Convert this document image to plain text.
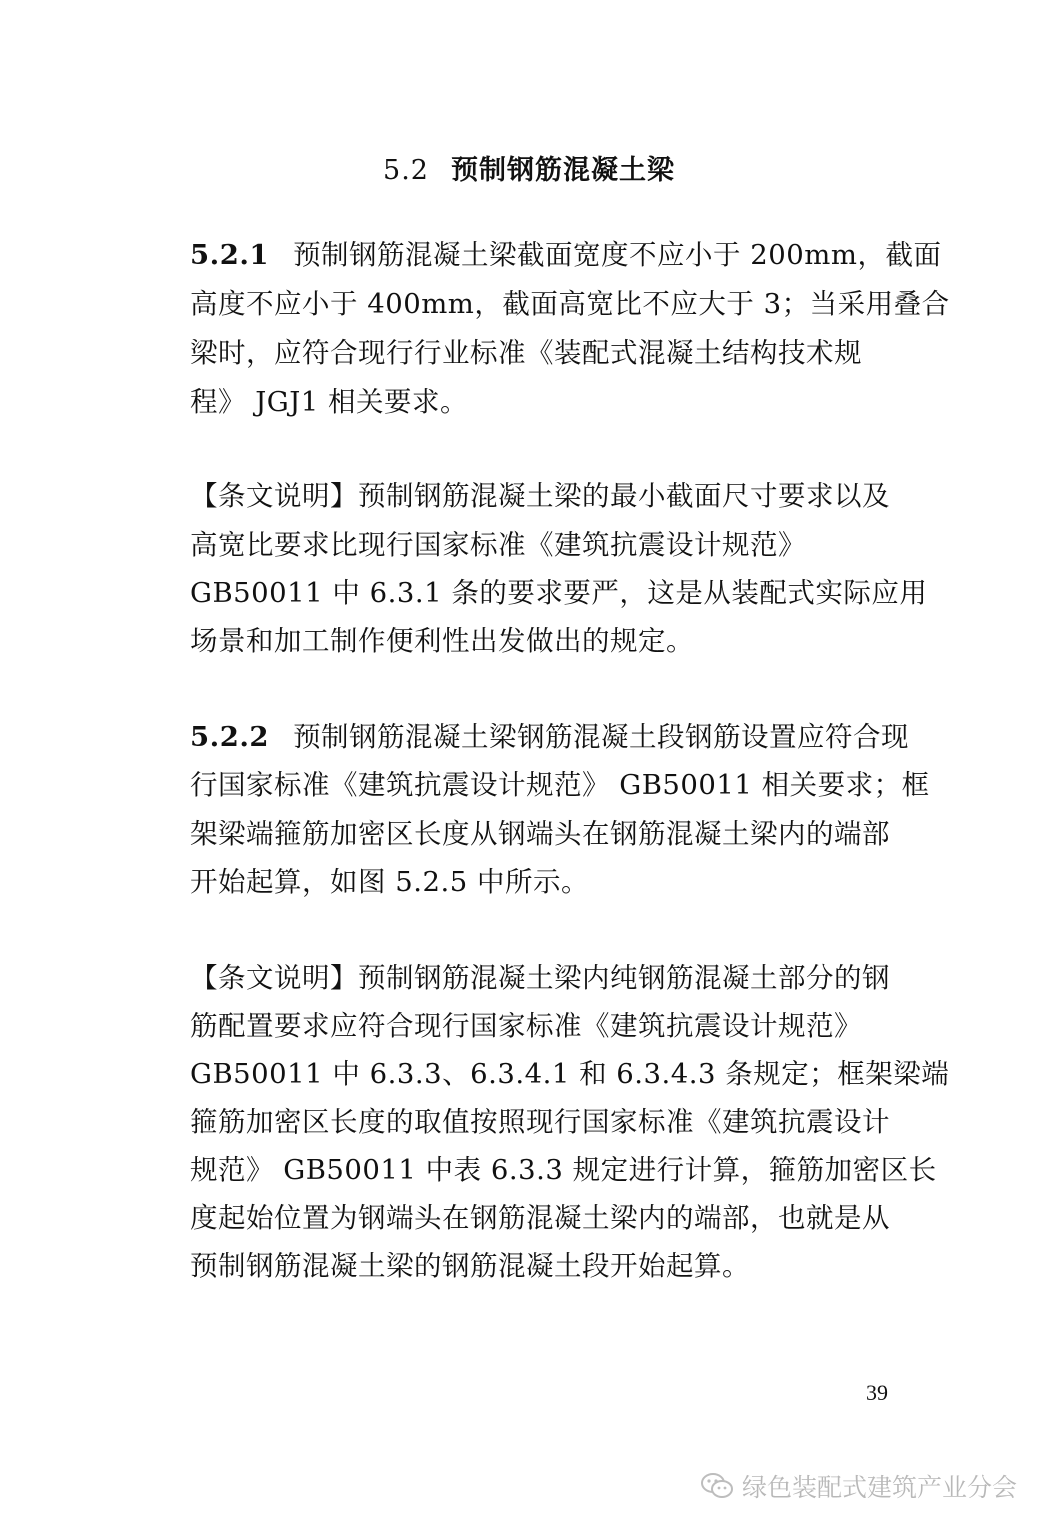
5.2 预制钢筋混凝土梁
5.2.1 预制钢筋混凝土梁截面宽度不应小于 200mm，截面
高度不应小于 400mm，截面高宽比不应大于 3；当采用叠合
梁时，应符合现行行业标准《装配式混凝土结构技术规
程》 JGJ1 相关要求。
【条文说明】预制钢筋混凝土梁的最小截面尺寸要求以及
高宽比要求比现行国家标准《建筑抗震设计规范》
GB50011 中 6.3.1 条的要求要严，这是从装配式实际应用
场景和加工制作便利性出发做出的规定。
5.2.2 预制钢筋混凝土梁钢筋混凝土段钢筋设置应符合现
行国家标准《建筑抗震设计规范》 GB50011 相关要求；框
架梁端箍筋加密区长度从钢端头在钢筋混凝土梁内的端部
开始起算，如图 5.2.5 中所示。
【条文说明】预制钢筋混凝土梁内纯钢筋混凝土部分的钢
筋配置要求应符合现行国家标准《建筑抗震设计规范》
GB50011 中 6.3.3、6.3.4.1 和 6.3.4.3 条规定；框架梁端
箍筋加密区长度的取值按照现行国家标准《建筑抗震设计
规范》 GB50011 中表 6.3.3 规定进行计算，箍筋加密区长
度起始位置为钢端头在钢筋混凝土梁内的端部，也就是从
预制钢筋混凝土梁的钢筋混凝土段开始起算。
39
绿色装配式建筑产业分会
